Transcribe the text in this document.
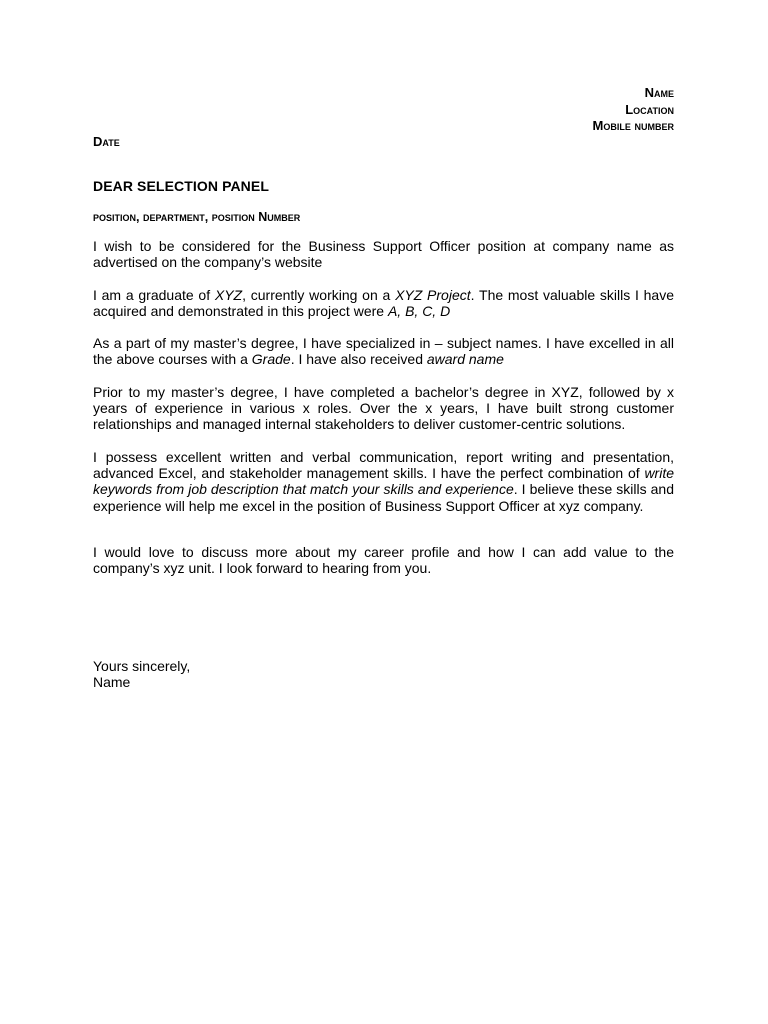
Name
Location
Mobile number
Date
DEAR SELECTION PANEL
position, department, position Number

I wish to be considered for the Business Support Officer position at company name as advertised on the company’s website

I am a graduate of XYZ, currently working on a XYZ Project. The most valuable skills I have acquired and demonstrated in this project were A, B, C, D

As a part of my master’s degree, I have specialized in – subject names. I have excelled in all the above courses with a Grade. I have also received award name

Prior to my master’s degree, I have completed a bachelor’s degree in XYZ, followed by x years of experience in various x roles. Over the x years, I have built strong customer relationships and managed internal stakeholders to deliver customer-centric solutions.

I possess excellent written and verbal communication, report writing and presentation, advanced Excel, and stakeholder management skills. I have the perfect combination of write keywords from job description that match your skills and experience. I believe these skills and experience will help me excel in the position of Business Support Officer at xyz company.

I would love to discuss more about my career profile and how I can add value to the company’s xyz unit. I look forward to hearing from you.

Yours sincerely,
Name
